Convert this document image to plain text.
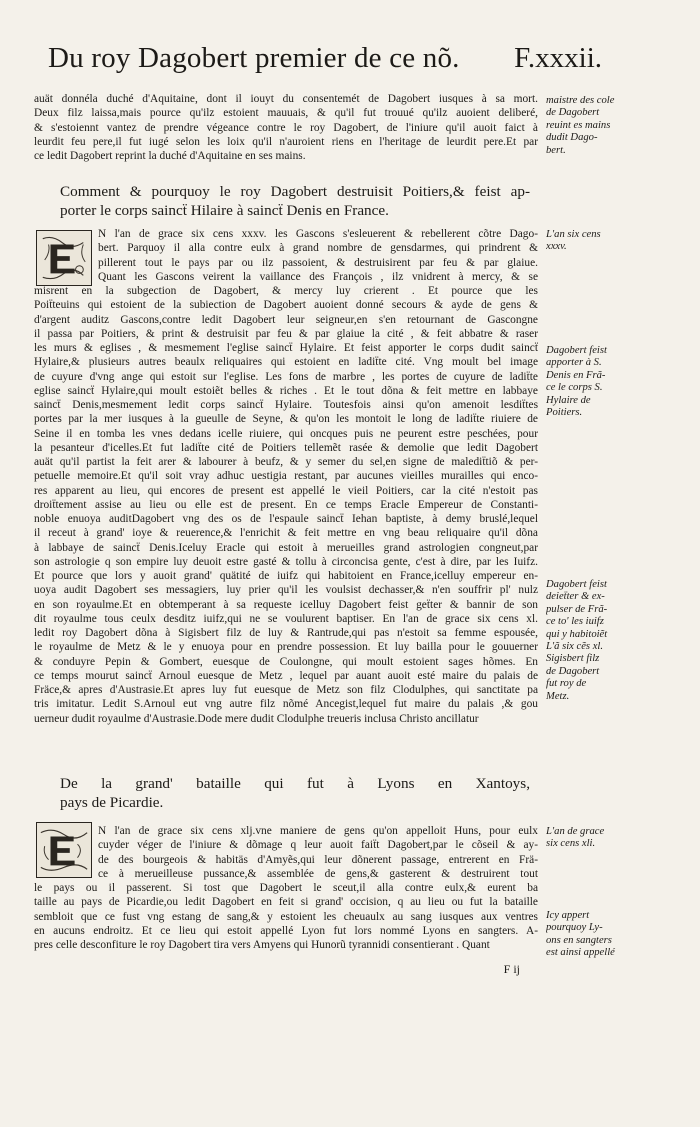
Du roy Dagobert premier de ce nõ.	F.xxxii.
auät donnéla duché d'Aquitaine, dont il iouyt du consentemét de Dagobert iusques à sa mort.
Deux filz laissa,mais pource qu'ilz estoient mauuais, & qu'il fut trouué qu'ilz auoient deliberé,
& s'estoiennt vantez de prendre végeance contre le roy Dagobert, de l'iniure qu'il auoit faict à
leurdit feu pere,il fut iugé selon les loix qu'il n'auroient riens en l'heritage de leurdit pere.Et par
ce ledit Dagobert reprint la duché d'Aquitaine en ses mains.
maistre des cole
de Dagobert
reuint es mains
dudit Dago-
bert.
Comment & pourquoy le roy Dagobert destruisit Poitiers,& feist ap-
porter le corps saincẗ Hilaire à saincẗ Denis en France.
N l'an de grace six cens xxxv. les Gascons s'esleuerent & rebellerent cõtre Dago-
bert. Parquoy il alla contre eulx à grand nombre de gensdarmes, qui prindrent &
pillerent tout le pays par ou ilz passoient, & destruisirent par feu & par glaiue.
Quant les Gascons veirent la vaillance des François , ilz vnidrent à mercy, & se
misrent en la subgection de Dagobert, & mercy luy crierent . Et pource que les
Poiẗteuins qui estoient de la subiection de Dagobert auoient donné secours & ayde de gens &
d'argent auditz Gascons,contre ledit Dagobert leur seigneur,en s'en retournant de Gascongne
il passa par Poitiers, & print & destruisit par feu & par glaiue la cité , & feit abbatre & raser
les murs & eglises , & mesmement l'eglise saincẗ Hylaire. Et feist apporter le corps dudit saincẗ
Hylaire,& plusieurs autres beaulx reliquaires qui estoient en ladiẗte cité. Vng moult bel image
de cuyure d'vng ange qui estoit sur l'eglise. Les fons de marbre , les portes de cuyure de ladiẗte
eglise saincẗ Hylaire,qui moult estoiẽt belles & riches . Et le tout dõna & feit mettre en labbaye
saincẗ Denis,mesmement ledit corps saincẗ Hylaire. Toutesfois ainsi qu'on amenoit lesdiẗtes
portes par la mer iusques à la gueulle de Seyne, & qu'on les montoit le long de ladiẗte riuiere de
Seine il en tomba les vnes dedans icelle riuiere, qui oncques puis ne peurent estre peschées, pour
la pesanteur d'icelles.Et fut ladiẗte cité de Poitiers tellemẽt rasée & demolie que ledit Dagobert
auät qu'il partist la feit arer & labourer à beufz, & y semer du sel,en signe de malediẗtiõ & per-
petuelle memoire.Et qu'il soit vray adhuc uestigia restant, par aucunes vieilles murailles qui enco-
res apparent au lieu, qui encores de present est appellé le vieil Poitiers, car la cité n'estoit pas
droiẗtement assise au lieu ou elle est de present. En ce temps Eracle Empereur de Constanti-
noble enuoya auditDagobert vng des os de l'espaule saincẗ Iehan baptiste, à demy bruslé,lequel
il receut à grand' ioye & reuerence,& l'enrichit & feit mettre en vng beau reliquaire qu'il dõna
à labbaye de saincẗ Denis.Iceluy Eracle qui estoit à merueilles grand astrologien congneut,par
son astrologie q son empire luy deuoit estre gasté & tollu à circoncisa gente, c'est à dire, par les Iuifz.
Et pource que lors y auoit grand' quätité de iuifz qui habitoient en France,icelluy empereur en-
uoya audit Dagobert ses messagiers, luy prier qu'il les voulsist dechasser,& n'en souffrir pl' nulz
en son royaulme.Et en obtemperant à sa requeste icelluy Dagobert feist geẗter & bannir de son
dit royaulme tous ceulx desditz iuifz,qui ne se voulurent baptiser. En l'an de grace six cens xl.
ledit roy Dagobert dõna à Sigisbert filz de luy & Rantrude,qui pas n'estoit sa femme espousée,
le royaulme de Metz & le y enuoya pour en prendre possession. Et luy bailla pour le gouuerner
& conduyre Pepin & Gombert, euesque de Coulongne, qui moult estoient sages hõmes. En
ce temps mourut saincẗ Arnoul euesque de Metz , lequel par auant auoit esté maire du palais de
Fräce,& apres d'Austrasie.Et apres luy fut euesque de Metz son filz Clodulphes, qui sanctitate pa
tris imitatur. Ledit S.Arnoul eut vng autre filz nõmé Ancegist,lequel fut maire du palais ,& gou
uerneur dudit royaulme d'Austrasie.Dode mere dudit Clodulphe treueris inclusa Christo ancillatur
L'an six cens
xxxv.
Dagobert feist
apporter à S.
Denis en Frã-
ce le corps S.
Hylaire de
Poitiers.
Dagobert feist
deieẗter & ex-
pulser de Frã-
ce to' les iuifz
qui y habitoiẽt
L'ã six cẽs xl.
Sigisbert filz
de Dagobert
fut roy de
Metz.
De la grand' bataille qui fut à Lyons en Xantoys,
pays de Picardie.
N l'an de grace six cens xlj.vne maniere de gens qu'on appelloit Huns, pour eulx
cuyder véger de l'iniure & dõmage q leur auoit faiẗt Dagobert,par le cõseil & ay-
de des bourgeois & habitäs d'Amyẽs,qui leur dõnerent passage, entrerent en Frä-
ce à merueilleuse pussance,& assemblée de gens,& gasterent & destruirent tout
le pays ou il passerent. Si tost que Dagobert le sceut,il alla contre eulx,& eurent ba
taille au pays de Picardie,ou ledit Dagobert en feit si grand' occision, q au lieu ou fut la bataille
sembloit que ce fust vng estang de sang,& y estoient les cheuaulx au sang iusques aux ventres
en aucuns endroitz. Et ce lieu qui estoit appellé Lyon fut lors nommé Lyons en sangters. A-
pres celle desconfiture le roy Dagobert tira vers Amyens qui Hunorũ tyrannidi consentierant . Quant
L'an de grace
six cens xli.
Icy appert
pourquoy Ly-
ons en sangters
est ainsi appellé
F ij
